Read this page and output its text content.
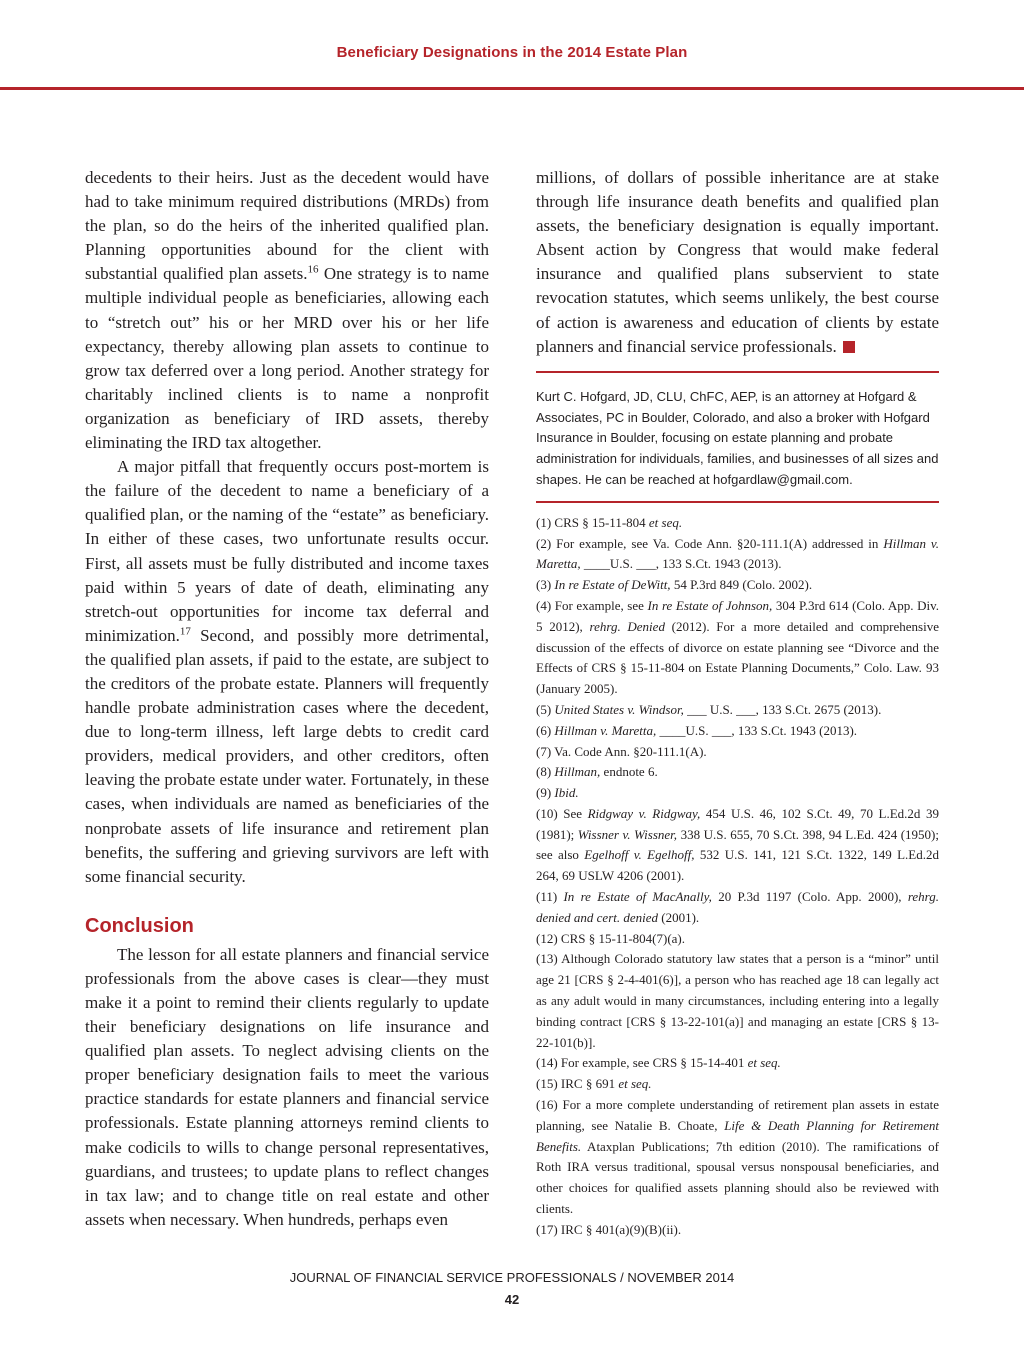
Beneficiary Designations in the 2014 Estate Plan

decedents to their heirs. Just as the decedent would have had to take minimum required distributions (MRDs) from the plan, so do the heirs of the inherited qualified plan. Planning opportunities abound for the client with substantial qualified plan assets.$^{16}$ One strategy is to name multiple individual people as beneficiaries, allowing each to “stretch out” his or her MRD over his or her life expectancy, thereby allowing plan assets to continue to grow tax deferred over a long period. Another strategy for charitably inclined clients is to name a nonprofit organization as beneficiary of IRD assets, thereby eliminating the IRD tax altogether.

A major pitfall that frequently occurs post-mortem is the failure of the decedent to name a beneficiary of a qualified plan, or the naming of the “estate” as beneficiary. In either of these cases, two unfortunate results occur. First, all assets must be fully distributed and income taxes paid within 5 years of date of death, eliminating any stretch-out opportunities for income tax deferral and minimization.$^{17}$ Second, and possibly more detrimental, the qualified plan assets, if paid to the estate, are subject to the creditors of the probate estate. Planners will frequently handle probate administration cases where the decedent, due to long-term illness, left large debts to credit card providers, medical providers, and other creditors, often leaving the probate estate under water. Fortunately, in these cases, when individuals are named as beneficiaries of the nonprobate assets of life insurance and retirement plan benefits, the suffering and grieving survivors are left with some financial security.

Conclusion

The lesson for all estate planners and financial service professionals from the above cases is clear—they must make it a point to remind their clients regularly to update their beneficiary designations on life insurance and qualified plan assets. To neglect advising clients on the proper beneficiary designation fails to meet the various practice standards for estate planners and financial service professionals. Estate planning attorneys remind clients to make codicils to wills to change personal representatives, guardians, and trustees; to update plans to reflect changes in tax law; and to change title on real estate and other assets when necessary. When hundreds, perhaps even

millions, of dollars of possible inheritance are at stake through life insurance death benefits and qualified plan assets, the beneficiary designation is equally important. Absent action by Congress that would make federal insurance and qualified plans subservient to state revocation statutes, which seems unlikely, the best course of action is awareness and education of clients by estate planners and financial service professionals.

Kurt C. Hofgard, JD, CLU, ChFC, AEP, is an attorney at Hofgard & Associates, PC in Boulder, Colorado, and also a broker with Hofgard Insurance in Boulder, focusing on estate planning and probate administration for individuals, families, and businesses of all sizes and shapes. He can be reached at hofgardlaw@gmail.com.
(1) CRS § 15-11-804 et seq.
(2) For example, see Va. Code Ann. §20-111.1(A) addressed in Hillman v. Maretta, ____U.S. ___, 133 S.Ct. 1943 (2013).
(3) In re Estate of DeWitt, 54 P.3rd 849 (Colo. 2002).
(4) For example, see In re Estate of Johnson, 304 P.3rd 614 (Colo. App. Div. 5 2012), rehrg. Denied (2012). For a more detailed and comprehensive discussion of the effects of divorce on estate planning see “Divorce and the Effects of CRS § 15-11-804 on Estate Planning Documents,” Colo. Law. 93 (January 2005).
(5) United States v. Windsor, ___ U.S. ___, 133 S.Ct. 2675 (2013).
(6) Hillman v. Maretta, ____U.S. ___, 133 S.Ct. 1943 (2013).
(7) Va. Code Ann. §20-111.1(A).
(8) Hillman, endnote 6.
(9) Ibid.
(10) See Ridgway v. Ridgway, 454 U.S. 46, 102 S.Ct. 49, 70 L.Ed.2d 39 (1981); Wissner v. Wissner, 338 U.S. 655, 70 S.Ct. 398, 94 L.Ed. 424 (1950); see also Egelhoff v. Egelhoff, 532 U.S. 141, 121 S.Ct. 1322, 149 L.Ed.2d 264, 69 USLW 4206 (2001).
(11) In re Estate of MacAnally, 20 P.3d 1197 (Colo. App. 2000), rehrg. denied and cert. denied (2001).
(12) CRS § 15-11-804(7)(a).
(13) Although Colorado statutory law states that a person is a “minor” until age 21 [CRS § 2-4-401(6)], a person who has reached age 18 can legally act as any adult would in many circumstances, including entering into a legally binding contract [CRS § 13-22-101(a)] and managing an estate [CRS § 13-22-101(b)].
(14) For example, see CRS § 15-14-401 et seq.
(15) IRC § 691 et seq.
(16) For a more complete understanding of retirement plan assets in estate planning, see Natalie B. Choate, Life & Death Planning for Retirement Benefits. Ataxplan Publications; 7th edition (2010). The ramifications of Roth IRA versus traditional, spousal versus nonspousal beneficiaries, and other choices for qualified assets planning should also be reviewed with clients.
(17) IRC § 401(a)(9)(B)(ii).
JOURNAL OF FINANCIAL SERVICE PROFESSIONALS / NOVEMBER 2014
42
